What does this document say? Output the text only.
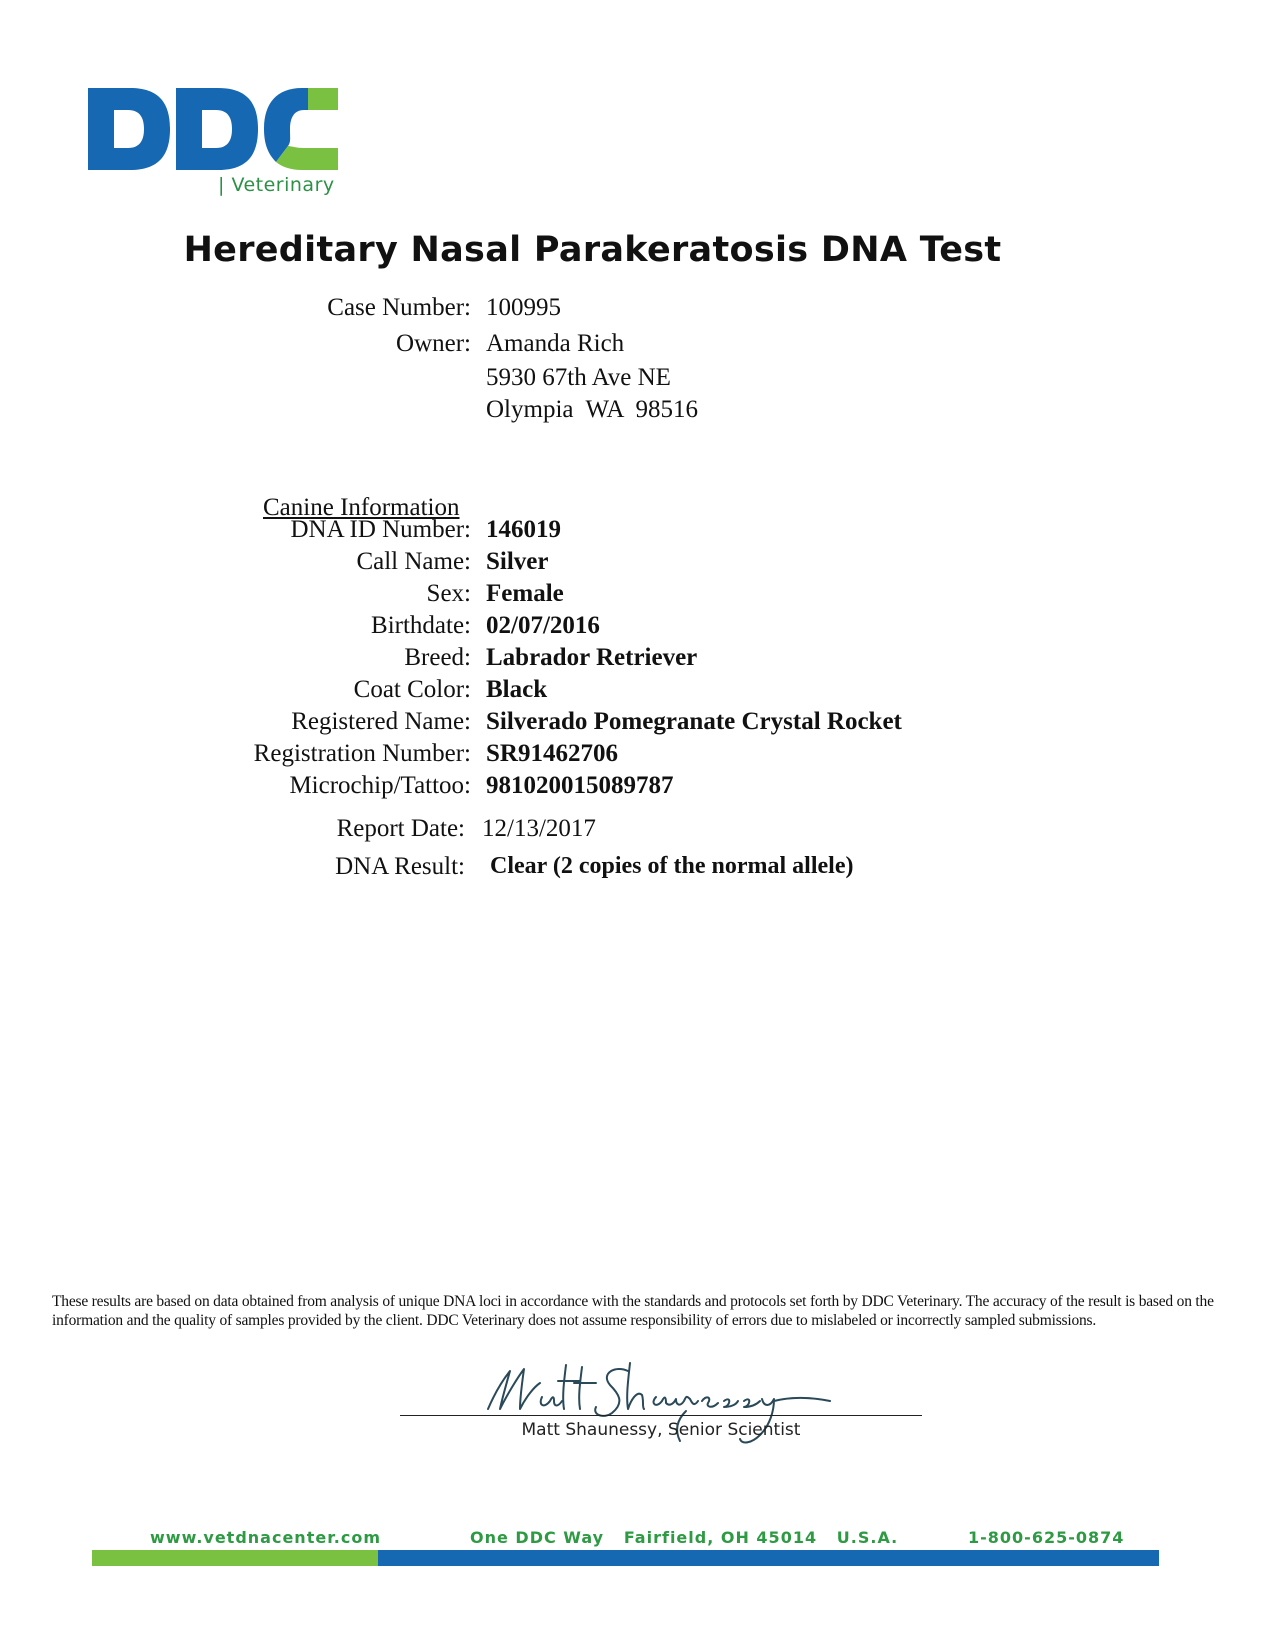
| Veterinary
Hereditary Nasal Parakeratosis DNA Test
Case Number: 100995
Owner: Amanda Rich
5930 67th Ave NE
Olympia  WA  98516
Canine Information
DNA ID Number: 146019
Call Name: Silver
Sex: Female
Birthdate: 02/07/2016
Breed: Labrador Retriever
Coat Color: Black
Registered Name: Silverado Pomegranate Crystal Rocket
Registration Number: SR91462706
Microchip/Tattoo: 981020015089787
Report Date: 12/13/2017
DNA Result: Clear (2 copies of the normal allele)
These results are based on data obtained from analysis of unique DNA loci in accordance with the standards and protocols set forth by DDC Veterinary. The accuracy of the result is based on the information and the quality of samples provided by the client. DDC Veterinary does not assume responsibility of errors due to mislabeled or incorrectly sampled submissions.
Matt Shaunessy, Senior Scientist
www.vetdnacenter.com	One DDC Way   Fairfield, OH 45014   U.S.A.	1-800-625-0874
